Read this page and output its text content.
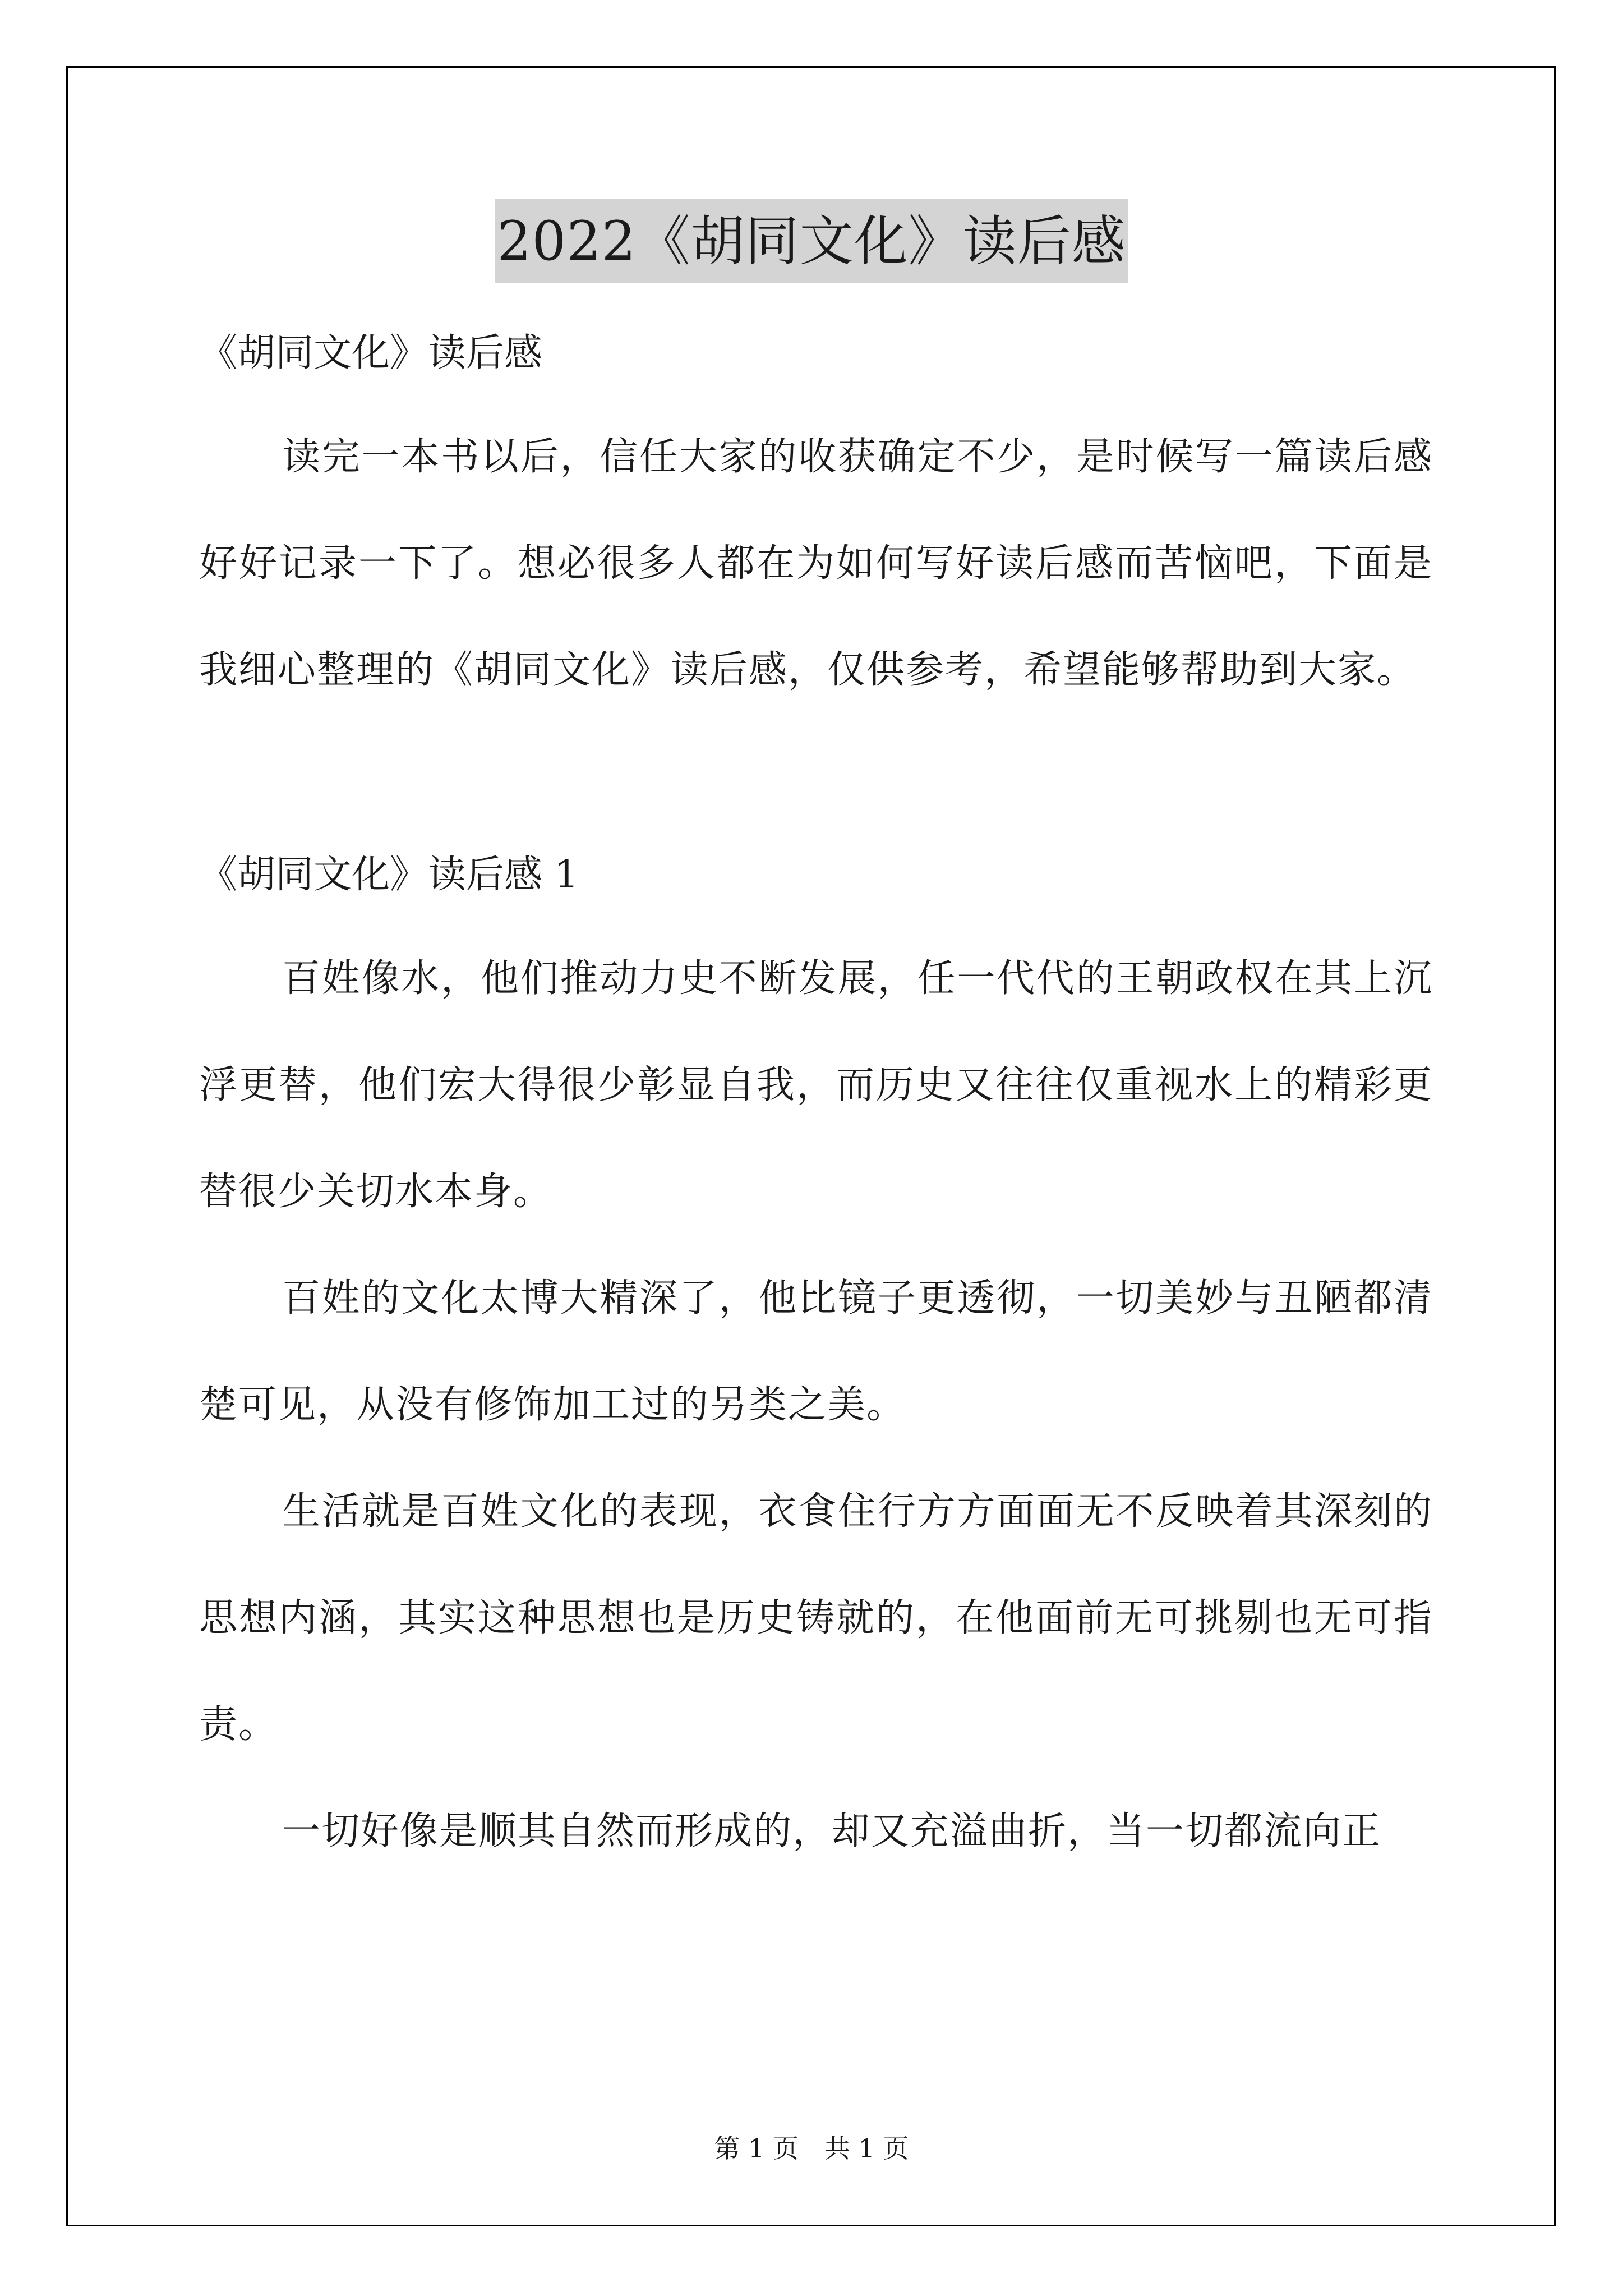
2022《胡同文化》读后感

《胡同文化》读后感

读完一本书以后，信任大家的收获确定不少，是时候写一篇读后感好好记录一下了。想必很多人都在为如何写好读后感而苦恼吧，下面是我细心整理的《胡同文化》读后感，仅供参考，希望能够帮助到大家。

《胡同文化》读后感 1

百姓像水，他们推动力史不断发展，任一代代的王朝政权在其上沉浮更替，他们宏大得很少彰显自我，而历史又往往仅重视水上的精彩更替很少关切水本身。

百姓的文化太博大精深了，他比镜子更透彻，一切美妙与丑陋都清楚可见，从没有修饰加工过的另类之美。

生活就是百姓文化的表现，衣食住行方方面面无不反映着其深刻的思想内涵，其实这种思想也是历史铸就的，在他面前无可挑剔也无可指责。

一切好像是顺其自然而形成的，却又充溢曲折，当一切都流向正

第 1 页 共 1 页
